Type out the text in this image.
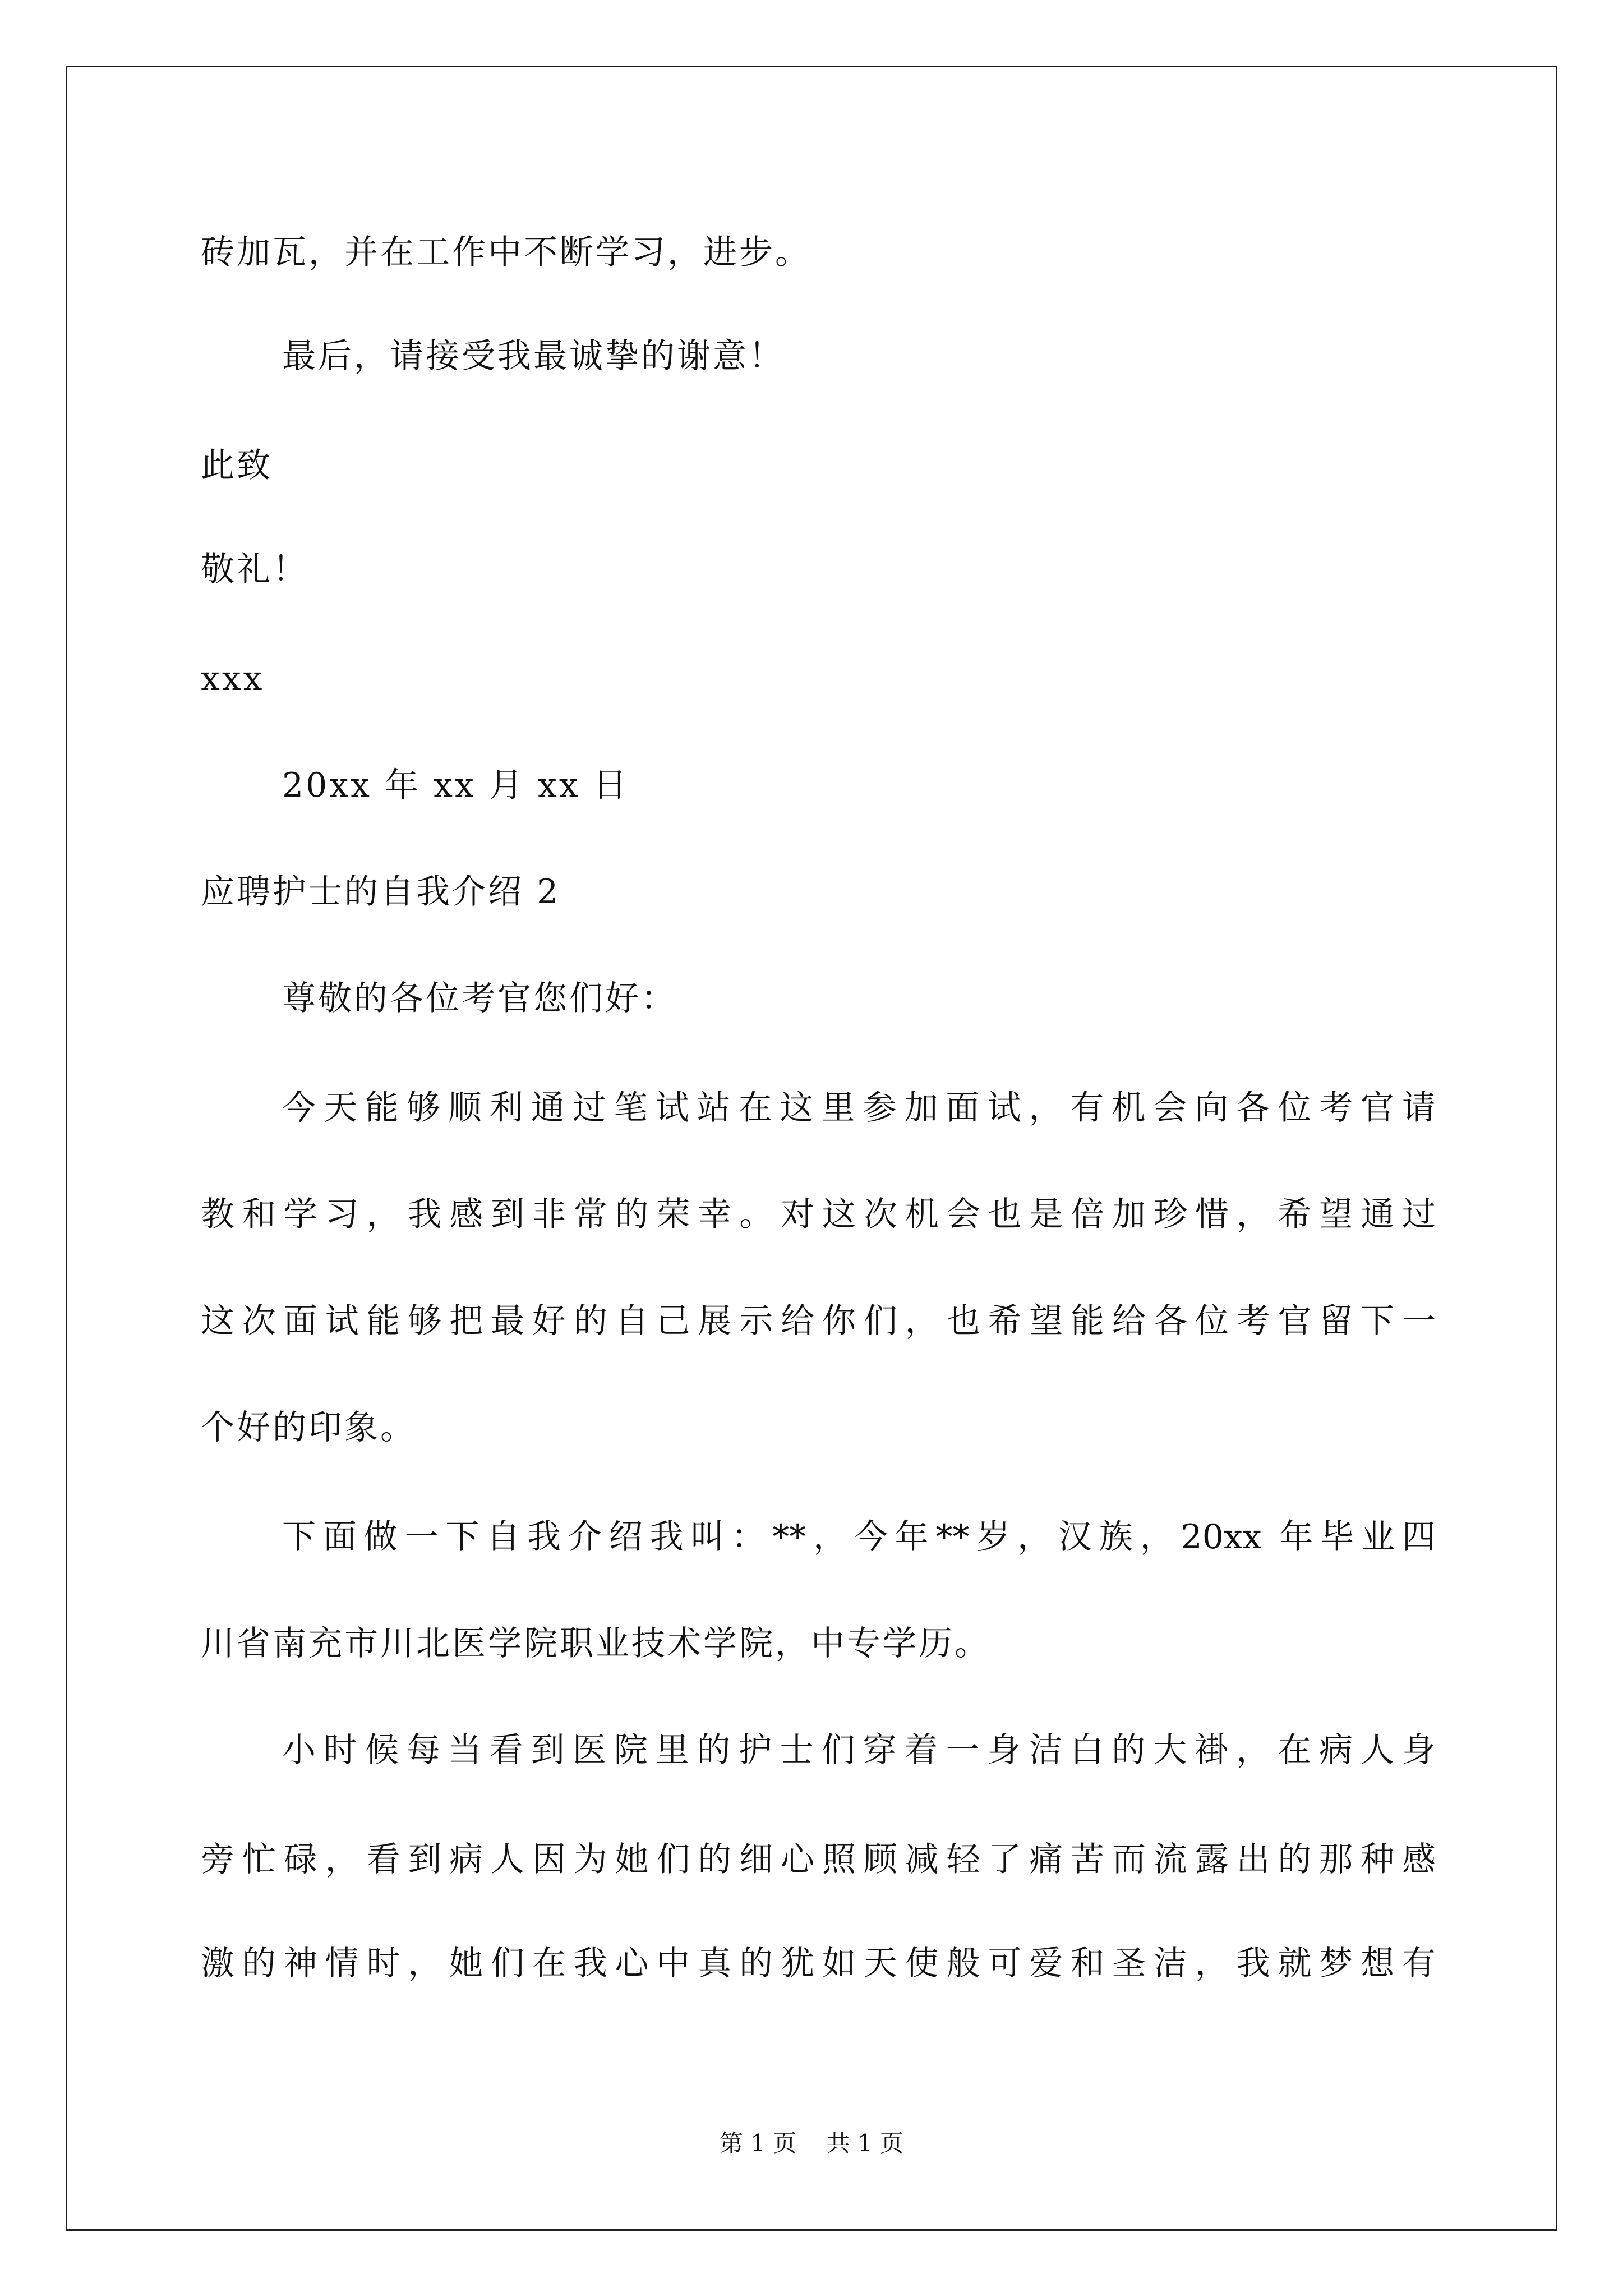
砖加瓦，并在工作中不断学习，进步。
最后，请接受我最诚挚的谢意！
此致
敬礼！
xxx
20xx 年 xx 月 xx 日
应聘护士的自我介绍 2
尊敬的各位考官您们好：
今天能够顺利通过笔试站在这里参加面试，有机会向各位考官请
教和学习，我感到非常的荣幸。对这次机会也是倍加珍惜，希望通过
这次面试能够把最好的自己展示给你们，也希望能给各位考官留下一
个好的印象。
下面做一下自我介绍我叫：**，今年**岁，汉族，20xx 年毕业四
川省南充市川北医学院职业技术学院，中专学历。
小时候每当看到医院里的护士们穿着一身洁白的大褂，在病人身
旁忙碌，看到病人因为她们的细心照顾减轻了痛苦而流露出的那种感
激的神情时，她们在我心中真的犹如天使般可爱和圣洁，我就梦想有
第 1 页    共 1 页
